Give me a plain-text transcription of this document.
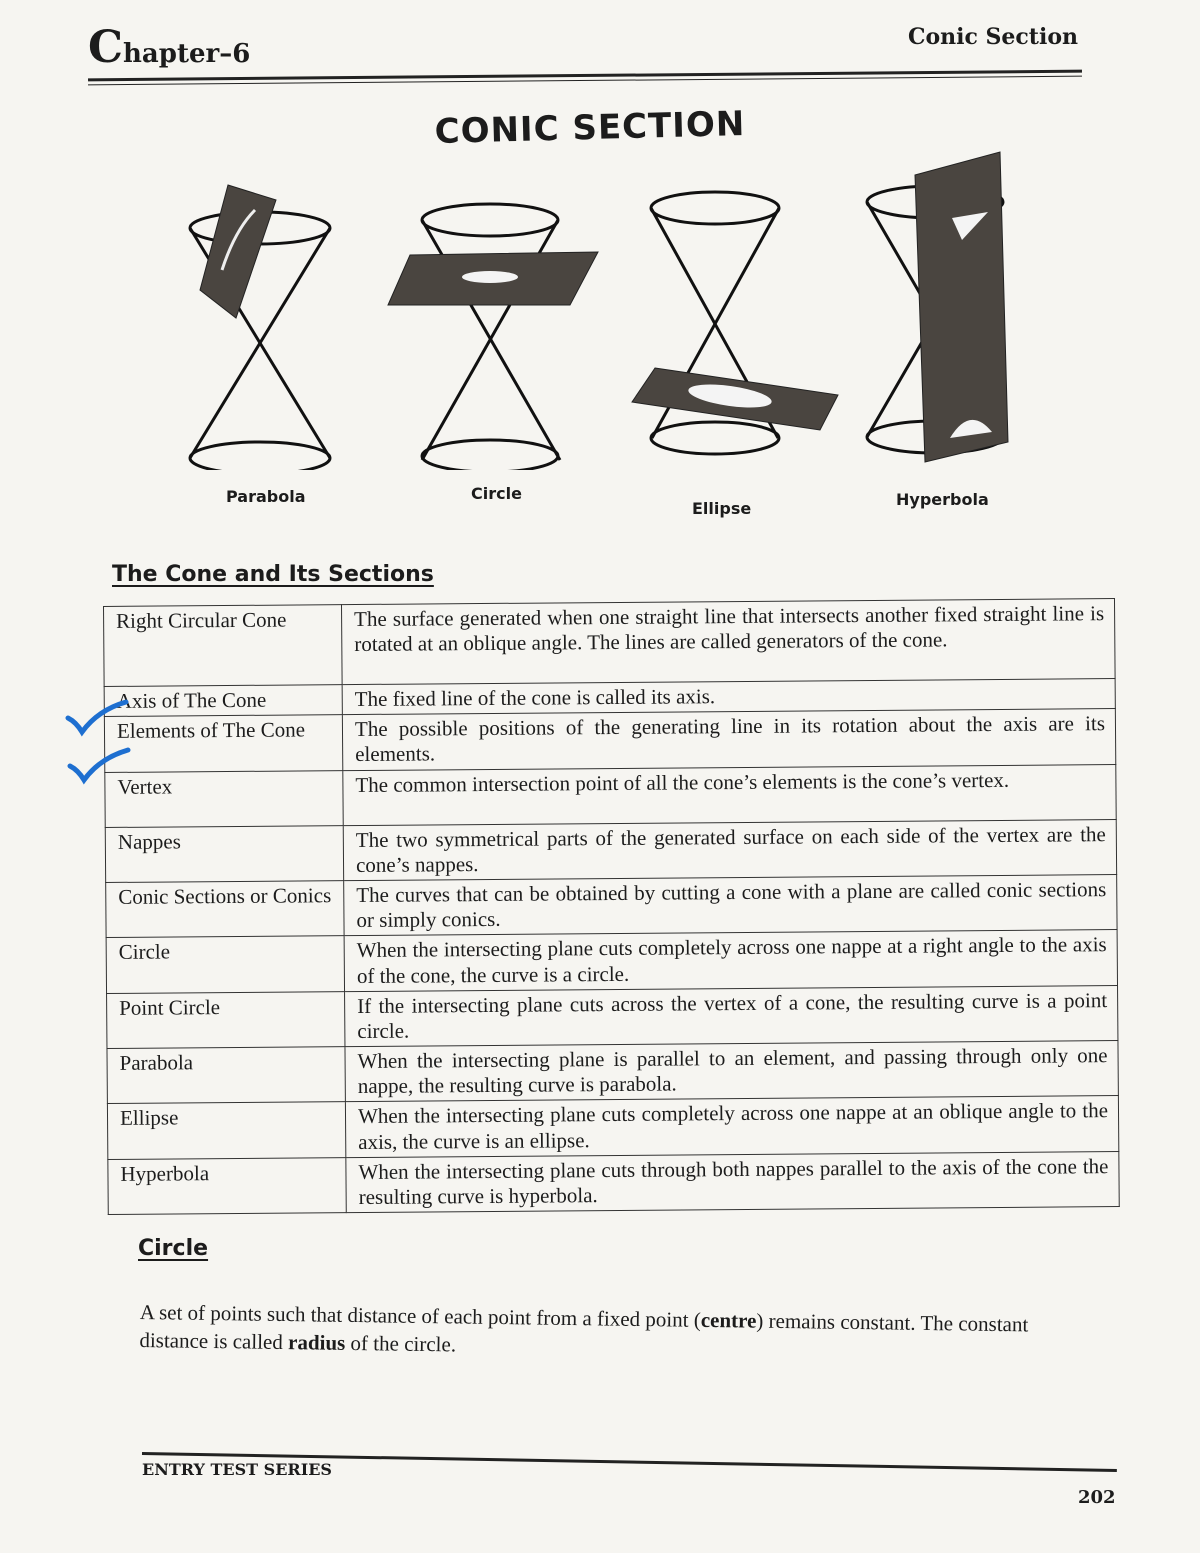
Chapter–6
Conic Section
CONIC SECTION
Parabola	Circle
Ellipse	Hyperbola
The Cone and Its Sections
Right Circular Cone	The surface generated when one straight line that intersects another fixed straight line is rotated at an oblique angle. The lines are called generators of the cone.
Axis of The Cone	The fixed line of the cone is called its axis.
Elements of The Cone	The possible positions of the generating line in its rotation about the axis are its elements.
Vertex	The common intersection point of all the cone’s elements is the cone’s vertex.
Nappes	The two symmetrical parts of the generated surface on each side of the vertex are the cone’s nappes.
Conic Sections or Conics	The curves that can be obtained by cutting a cone with a plane are called conic sections or simply conics.
Circle	When the intersecting plane cuts completely across one nappe at a right angle to the axis of the cone, the curve is a circle.
Point Circle	If the intersecting plane cuts across the vertex of a cone, the resulting curve is a point circle.
Parabola	When the intersecting plane is parallel to an element, and passing through only one nappe, the resulting curve is parabola.
Ellipse	When the intersecting plane cuts completely across one nappe at an oblique angle to the axis, the curve is an ellipse.
Hyperbola	When the intersecting plane cuts through both nappes parallel to the axis of the cone the resulting curve is hyperbola.
Circle
A set of points such that distance of each point from a fixed point (centre) remains constant. The constant distance is called radius of the circle.
ENTRY TEST SERIES
202
